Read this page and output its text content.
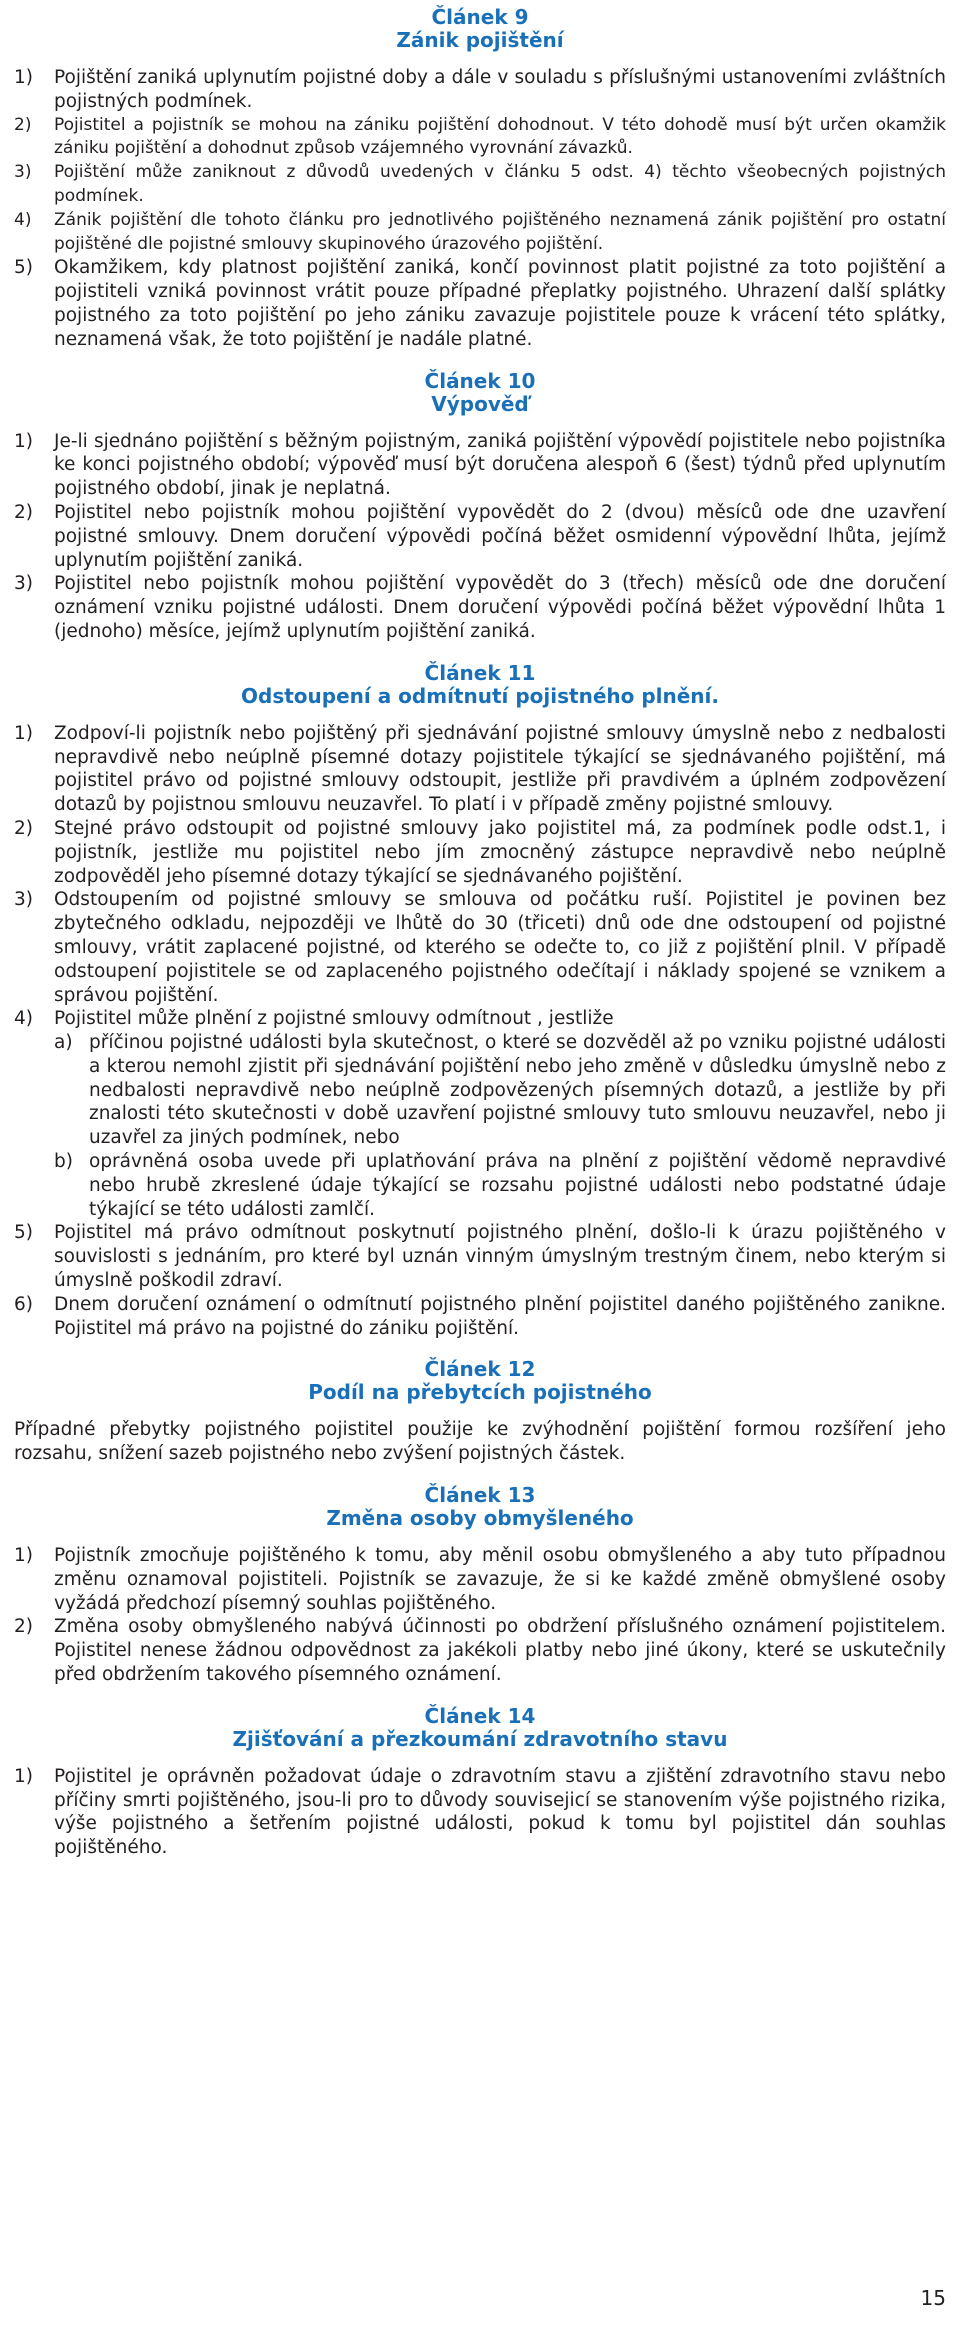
Článek 9
Zánik pojištění
1)	Pojištění zaniká uplynutím pojistné doby a dále v souladu s příslušnými ustanoveními zvláštních pojistných podmínek.
2)	Pojistitel a pojistník se mohou na zániku pojištění dohodnout. V této dohodě musí být určen okamžik zániku pojištění a dohodnut způsob vzájemného vyrovnání závazků.
3)	Pojištění může zaniknout z důvodů uvedených v článku 5 odst. 4) těchto všeobecných pojistných podmínek.
4)	Zánik pojištění dle tohoto článku pro jednotlivého pojištěného neznamená zánik pojištění pro ostatní pojištěné dle pojistné smlouvy skupinového úrazového pojištění.
5)	Okamžikem, kdy platnost pojištění zaniká, končí povinnost platit pojistné za toto pojištění a pojistiteli vzniká povinnost vrátit pouze případné přeplatky pojistného. Uhrazení další splátky pojistného za toto pojištění po jeho zániku zavazuje pojistitele pouze k vrácení této splátky, neznamená však, že toto pojištění je nadále platné.
Článek 10
Výpověď
1)	Je-li sjednáno pojištění s běžným pojistným, zaniká pojištění výpovědí pojistitele nebo pojistníka ke konci pojistného období; výpověď musí být doručena alespoň 6 (šest) týdnů před uplynutím pojistného období, jinak je neplatná.
2)	Pojistitel nebo pojistník mohou pojištění vypovědět do 2 (dvou) měsíců ode dne uzavření pojistné smlouvy. Dnem doručení výpovědi počíná běžet osmidenní výpovědní lhůta, jejímž uplynutím pojištění zaniká.
3)	Pojistitel nebo pojistník mohou pojištění vypovědět do 3 (třech) měsíců ode dne doručení oznámení vzniku pojistné události. Dnem doručení výpovědi počíná běžet výpovědní lhůta 1 (jednoho) měsíce, jejímž uplynutím pojištění zaniká.
Článek 11
Odstoupení a odmítnutí pojistného plnění.
1)	Zodpoví-li pojistník nebo pojištěný při sjednávání pojistné smlouvy úmyslně nebo z nedbalosti nepravdivě nebo neúplně písemné dotazy pojistitele týkající se sjednávaného pojištění, má pojistitel právo od pojistné smlouvy odstoupit, jestliže při pravdivém a úplném zodpovězení dotazů by pojistnou smlouvu neuzavřel. To platí i v případě změny pojistné smlouvy.
2)	Stejné právo odstoupit od pojistné smlouvy jako pojistitel má, za podmínek podle odst.1, i pojistník, jestliže mu pojistitel nebo jím zmocněný zástupce nepravdivě nebo neúplně zodpověděl jeho písemné dotazy týkající se sjednávaného pojištění.
3)	Odstoupením od pojistné smlouvy se smlouva od počátku ruší. Pojistitel je povinen bez zbytečného odkladu, nejpozději ve lhůtě do 30 (třiceti) dnů ode dne odstoupení od pojistné smlouvy, vrátit zaplacené pojistné, od kterého se odečte to, co již z pojištění plnil. V případě odstoupení pojistitele se od zaplaceného pojistného odečítají i náklady spojené se vznikem a správou pojištění.
4)	Pojistitel může plnění z pojistné smlouvy odmítnout , jestliže
a) příčinou pojistné události byla skutečnost, o které se dozvěděl až po vzniku pojistné události a kterou nemohl zjistit při sjednávání pojištění nebo jeho změně v důsledku úmyslně nebo z nedbalosti nepravdivě nebo neúplně zodpovězených písemných dotazů, a jestliže by při znalosti této skutečnosti v době uzavření pojistné smlouvy tuto smlouvu neuzavřel, nebo ji uzavřel za jiných podmínek, nebo
b) oprávněná osoba uvede při uplatňování práva na plnění z pojištění vědomě nepravdivé nebo hrubě zkreslené údaje týkající se rozsahu pojistné události nebo podstatné údaje týkající se této události zamlčí.
5)	Pojistitel má právo odmítnout poskytnutí pojistného plnění, došlo-li k úrazu pojištěného v souvislosti s jednáním, pro které byl uznán vinným úmyslným trestným činem, nebo kterým si úmyslně poškodil zdraví.
6)	Dnem doručení oznámení o odmítnutí pojistného plnění pojistitel daného pojištěného zanikne. Pojistitel má právo na pojistné do zániku pojištění.
Článek 12
Podíl na přebytcích pojistného

Případné přebytky pojistného pojistitel použije ke zvýhodnění pojištění formou rozšíření jeho rozsahu, snížení sazeb pojistného nebo zvýšení pojistných částek.

Článek 13
Změna osoby obmyšleného
1)	Pojistník zmocňuje pojištěného k tomu, aby měnil osobu obmyšleného a aby tuto případnou změnu oznamoval pojistiteli. Pojistník se zavazuje, že si ke každé změně obmyšlené osoby vyžádá předchozí písemný souhlas pojištěného.
2)	Změna osoby obmyšleného nabývá účinnosti po obdržení příslušného oznámení pojistitelem. Pojistitel nenese žádnou odpovědnost za jakékoli platby nebo jiné úkony, které se uskutečnily před obdržením takového písemného oznámení.
Článek 14
Zjišťování a přezkoumání zdravotního stavu
1)	Pojistitel je oprávněn požadovat údaje o zdravotním stavu a zjištění zdravotního stavu nebo příčiny smrti pojištěného, jsou-li pro to důvody souvisejicí se stanovením výše pojistného rizika, výše pojistného a šetřením pojistné události, pokud k tomu byl pojistitel dán souhlas pojištěného.
15
